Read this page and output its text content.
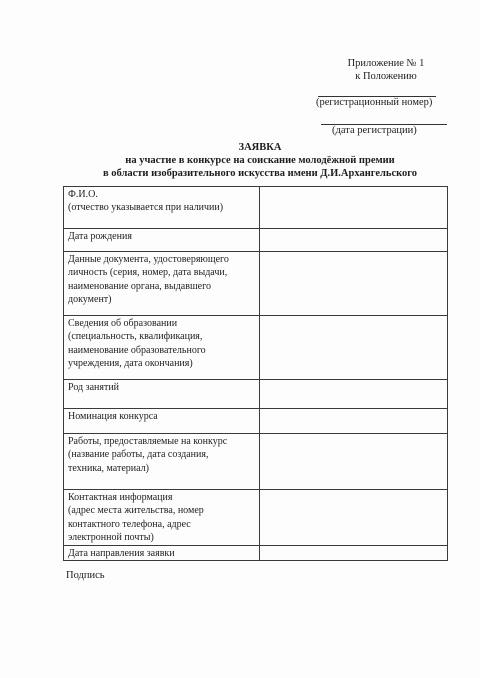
Приложение № 1
к Положению
(регистрационный номер)
(дата регистрации)
ЗАЯВКА
на участие в конкурсе на соискание молодёжной премии
в области изобразительного искусства имени Д.И.Архангельского
Ф.И.О.
(отчество указывается при наличии)	

Дата рождения	

Данные документа, удостоверяющего
личность (серия, номер, дата выдачи,
наименование органа, выдавшего
документ)	

Сведения об образовании
(специальность, квалификация,
наименование образовательного
учреждения, дата окончания)	

Род занятий	

Номинация конкурса	

Работы, предоставляемые на конкурс
(название работы, дата создания,
техника, материал)	

Контактная информация
(адрес места жительства, номер
контактного телефона, адрес
электронной почты)	

Дата направления заявки	

Подпись
